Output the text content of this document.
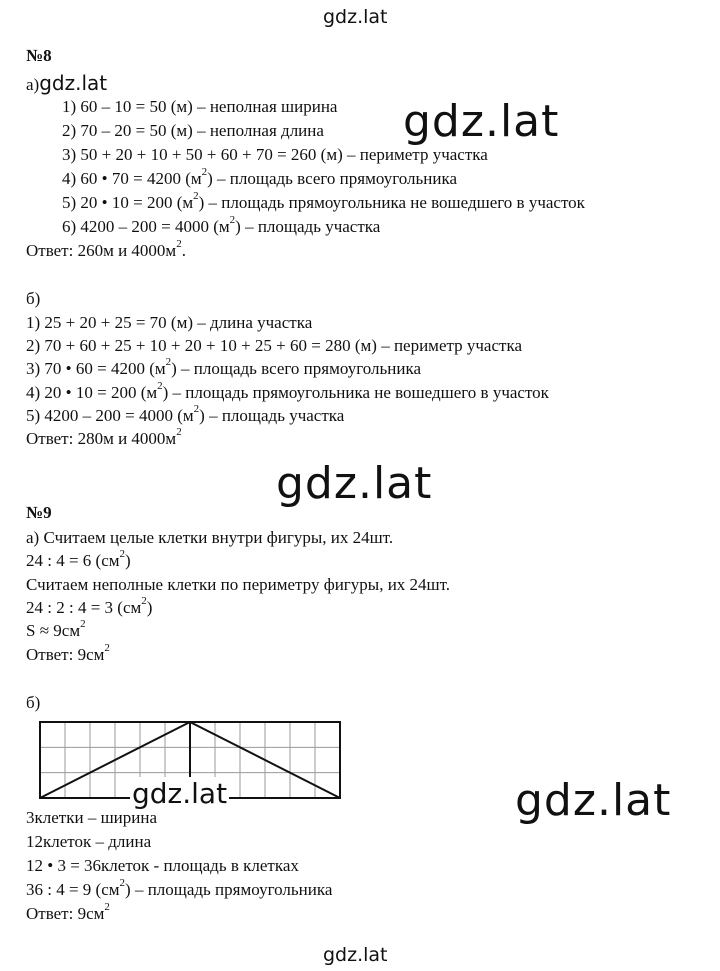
gdz.lat
gdz.lat
gdz.lat
gdz.lat
gdz.lat
№8
а)gdz.lat
1) 60 – 10 = 50 (м) – неполная ширина
2) 70 – 20 = 50 (м) – неполная длина
3) 50 + 20 + 10 + 50 + 60 + 70 = 260 (м) – периметр участка
4) 60 • 70 = 4200 $(м^2)$ – площадь всего прямоугольника
5) 20 • 10 = 200 $(м^2)$ – площадь прямоугольника не вошедшего в участок
6) 4200 – 200 = 4000 $(м^2)$ – площадь участка
Ответ: 260м и $4000м^2$.
б)
1) 25 + 20 + 25 = 70 (м) – длина участка
2) 70 + 60 + 25 + 10 + 20 + 10 + 25 + 60 = 280 (м) – периметр участка
3) 70 • 60 = 4200 $(м^2)$ – площадь всего прямоугольника
4) 20 • 10 = 200 $(м^2)$ – площадь прямоугольника не вошедшего в участок
5) 4200 – 200 = 4000 $(м^2)$ – площадь участка
Ответ: 280м и $4000м^2$
№9
а) Считаем целые клетки внутри фигуры, их 24шт.
24 : 4 = 6 $(см^2)$
Считаем неполные клетки по периметру фигуры, их 24шт.
24 : 2 : 4 = 3 $(см^2)$
$S \approx 9см^2$
Ответ: $9см^2$
б)
gdz.lat
3клетки – ширина
12клеток – длина
12 • 3 = 36клеток - площадь в клетках
36 : 4 = 9 $(см^2)$ – площадь прямоугольника
Ответ: $9см^2$
